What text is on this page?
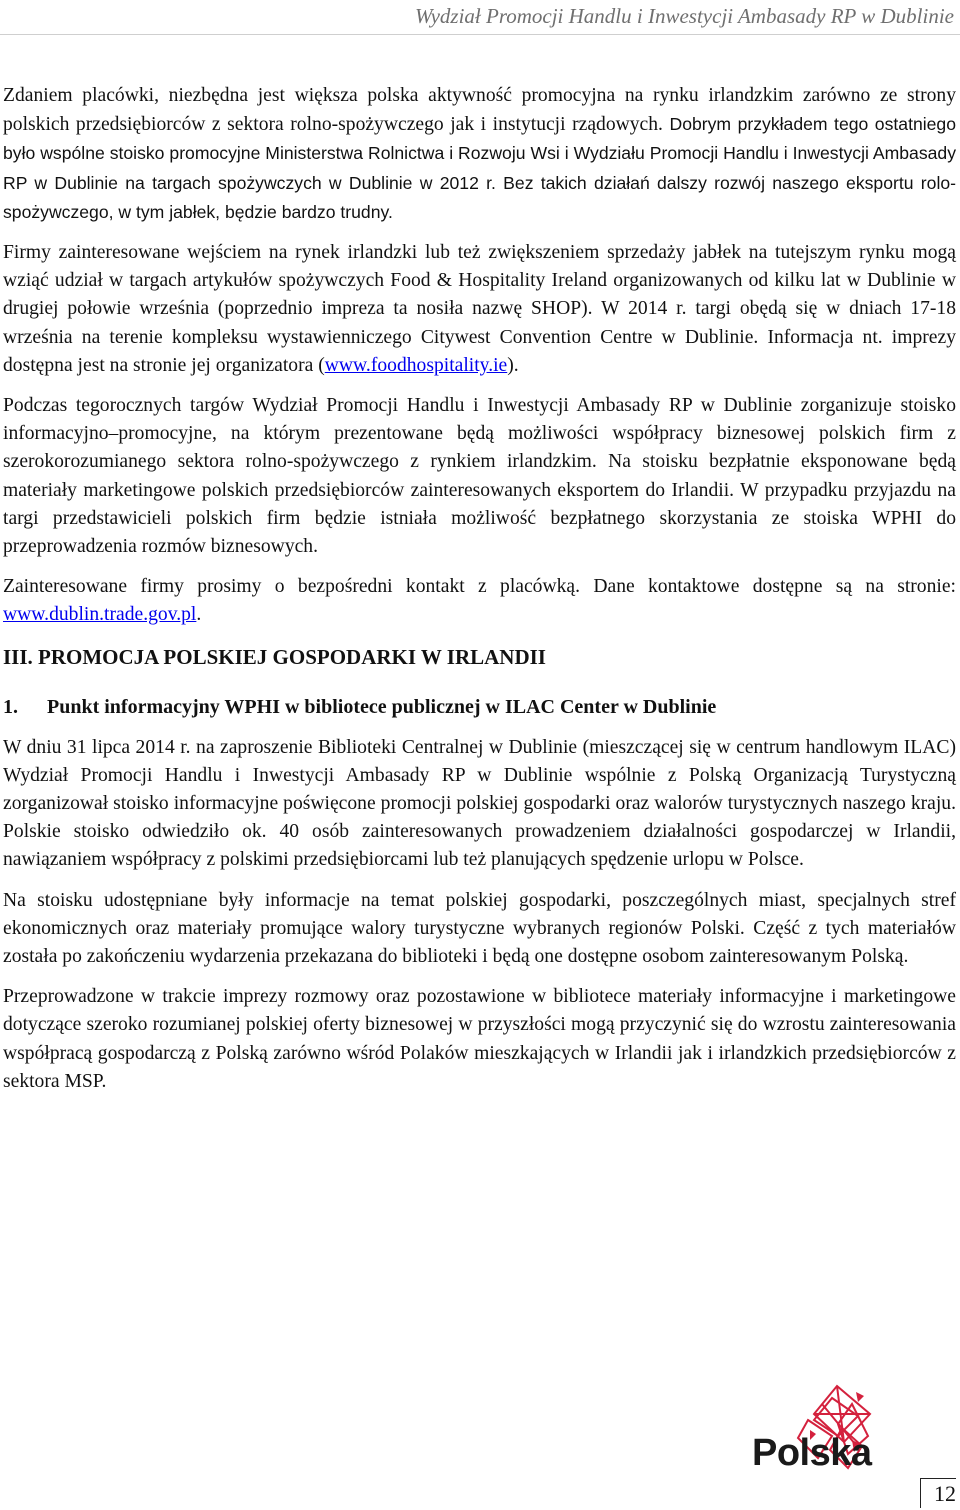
Wydział Promocji Handlu i Inwestycji Ambasady RP w Dublinie

Zdaniem placówki, niezbędna jest większa polska aktywność promocyjna na rynku irlandzkim zarówno ze strony polskich przedsiębiorców z sektora rolno-spożywczego jak i instytucji rządowych. Dobrym przykładem tego ostatniego było wspólne stoisko promocyjne Ministerstwa Rolnictwa i Rozwoju Wsi i Wydziału Promocji Handlu i Inwestycji Ambasady RP w Dublinie na targach spożywczych w Dublinie w 2012 r. Bez takich działań dalszy rozwój naszego eksportu rolo-spożywczego, w tym jabłek, będzie bardzo trudny.

Firmy zainteresowane wejściem na rynek irlandzki lub też zwiększeniem sprzedaży jabłek na tutejszym rynku mogą wziąć udział w targach artykułów spożywczych Food & Hospitality Ireland organizowanych od kilku lat w Dublinie w drugiej połowie września (poprzednio impreza ta nosiła nazwę SHOP). W 2014 r. targi obędą się w dniach 17-18 września na terenie kompleksu wystawienniczego Citywest Convention Centre w Dublinie. Informacja nt. imprezy dostępna jest na stronie jej organizatora (www.foodhospitality.ie).

Podczas tegorocznych targów Wydział Promocji Handlu i Inwestycji Ambasady RP w Dublinie zorganizuje stoisko informacyjno–promocyjne, na którym prezentowane będą możliwości współpracy biznesowej polskich firm z szerokorozumianego sektora rolno-spożywczego z rynkiem irlandzkim. Na stoisku bezpłatnie eksponowane będą materiały marketingowe polskich przedsiębiorców zainteresowanych eksportem do Irlandii. W przypadku przyjazdu na targi przedstawicieli polskich firm będzie istniała możliwość bezpłatnego skorzystania ze stoiska WPHI do przeprowadzenia rozmów biznesowych.

Zainteresowane firmy prosimy o bezpośredni kontakt z placówką. Dane kontaktowe dostępne są na stronie: www.dublin.trade.gov.pl.

III. PROMOCJA POLSKIEJ GOSPODARKI W IRLANDII
1. Punkt informacyjny WPHI w bibliotece publicznej w ILAC Center w Dublinie

W dniu 31 lipca 2014 r. na zaproszenie Biblioteki Centralnej w Dublinie (mieszczącej się w centrum handlowym ILAC) Wydział Promocji Handlu i Inwestycji Ambasady RP w Dublinie wspólnie z Polską Organizacją Turystyczną zorganizował stoisko informacyjne poświęcone promocji polskiej gospodarki oraz walorów turystycznych naszego kraju. Polskie stoisko odwiedziło ok. 40 osób zainteresowanych prowadzeniem działalności gospodarczej w Irlandii, nawiązaniem współpracy z polskimi przedsiębiorcami lub też planujących spędzenie urlopu w Polsce.

Na stoisku udostępniane były informacje na temat polskiej gospodarki, poszczególnych miast, specjalnych stref ekonomicznych oraz materiały promujące walory turystyczne wybranych regionów Polski. Część z tych materiałów została po zakończeniu wydarzenia przekazana do biblioteki i będą one dostępne osobom zainteresowanym Polską.

Przeprowadzone w trakcie imprezy rozmowy oraz pozostawione w bibliotece materiały informacyjne i marketingowe dotyczące szeroko rozumianej polskiej oferty biznesowej w przyszłości mogą przyczynić się do wzrostu zainteresowania współpracą gospodarczą z Polską zarówno wśród Polaków mieszkających w Irlandii jak i irlandzkich przedsiębiorców z sektora MSP.

Polska
12
